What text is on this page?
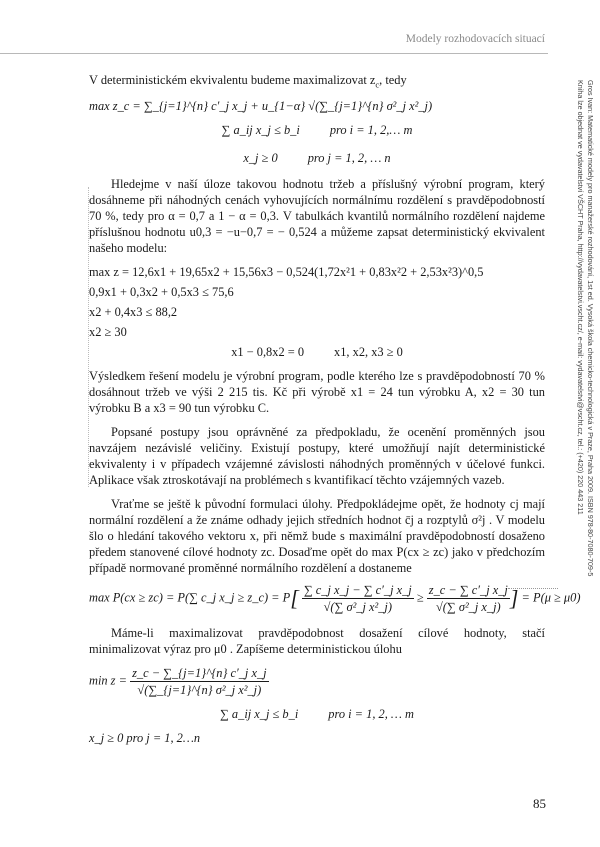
Modely rozhodovacích situací
Gros Ivan: Matematické modely pro manažerské rozhodování, 1st ed. Vysoká škola chemicko-technologická v Praze, Praha 2009. ISBN 978-80-7080-709-5
Kniha lze objednat ve vydavatelství VŠCHT Praha, http://vydavatelstvi.vscht.cz/, e-mail: vydavatelstvi@vscht.cz, tel.: (+420) 220 443 211

V deterministickém ekvivalentu budeme maximalizovat $z_c$, tedy

max z_c = ∑_{j=1}^{n} c′_j x_j + u_{1−α} √(∑_{j=1}^{n} σ²_j x²_j)

∑ a_ij x_j ≤ b_i pro i = 1, 2,… m
x_j ≥ 0 pro j = 1, 2, … n

Hledejme v naší úloze takovou hodnotu tržeb a příslušný výrobní program, který dosáhneme při náhodných cenách vyhovujících normálnímu rozdělení s pravděpodobností 70 %, tedy pro α = 0,7 a 1 − α = 0,3. V tabulkách kvantilů normálního rozdělení najdeme příslušnou hodnotu u0,3 = −u−0,7 = − 0,524 a můžeme zapsat deterministický ekvivalent našeho modelu:

max z = 12,6x1 + 19,65x2 + 15,56x3 − 0,524(1,72x²1 + 0,83x²2 + 2,53x²3)^0,5

0,9x1 + 0,3x2 + 0,5x3 ≤ 75,6

x2 + 0,4x3 ≤ 88,2

x2 ≥ 30

x1 − 0,8x2 = 0 x1, x2, x3 ≥ 0

Výsledkem řešení modelu je výrobní program, podle kterého lze s pravděpodobností 70 % dosáhnout tržeb ve výši 2 215 tis. Kč při výrobě x1 = 24 tun výrobku A, x2 = 30 tun výrobku B a x3 = 90 tun výrobku C.

Popsané postupy jsou oprávněné za předpokladu, že ocenění proměnných jsou navzájem nezávislé veličiny. Existují postupy, které umožňují najít deterministické ekvivalenty i v případech vzájemné závislosti náhodných proměnných v účelové funkci. Aplikace však ztroskotávají na problémech s kvantifikací těchto vzájemných vazeb.

Vraťme se ještě k původní formulaci úlohy. Předpokládejme opět, že hodnoty cj mají normální rozdělení a že známe odhady jejich středních hodnot c̄j a rozptylů σ²j . V modelu šlo o hledání takového vektoru x, při němž bude s maximální pravděpodobností dosaženo předem stanovené cílové hodnoty zc. Dosaďme opět do max P(cx ≥ zc) jako v předchozím případě normované proměnné normálního rozdělení a dostaneme

max P(cx ≥ zc) = P(∑ c_j x_j ≥ z_c) = $P[ \frac{\text{∑ c\_j x\_j − ∑ c′\_j x\_j}}{\text{√(∑ σ²\_j x²\_j)}} \ge \frac{\text{z\_c − ∑ c′\_j x\_j}}{\text{√(∑ σ²\_j x\_j)}}$ ] = P(μ ≥ μ0)

Máme-li maximalizovat pravděpodobnost dosažení cílové hodnoty, stačí minimalizovat výraz pro μ0 . Zapíšeme deterministickou úlohu

$\min z = \frac{\text{z\_c − ∑\_\{j=1\}\textasciicircum{}\{n\} c′\_j x\_j}}{\text{√(∑\_\{j=1\}\textasciicircum{}\{n\} σ²\_j x²\_j)}}$

∑ a_ij x_j ≤ b_i pro i = 1, 2, … m

x_j ≥ 0 pro j = 1, 2…n

85
